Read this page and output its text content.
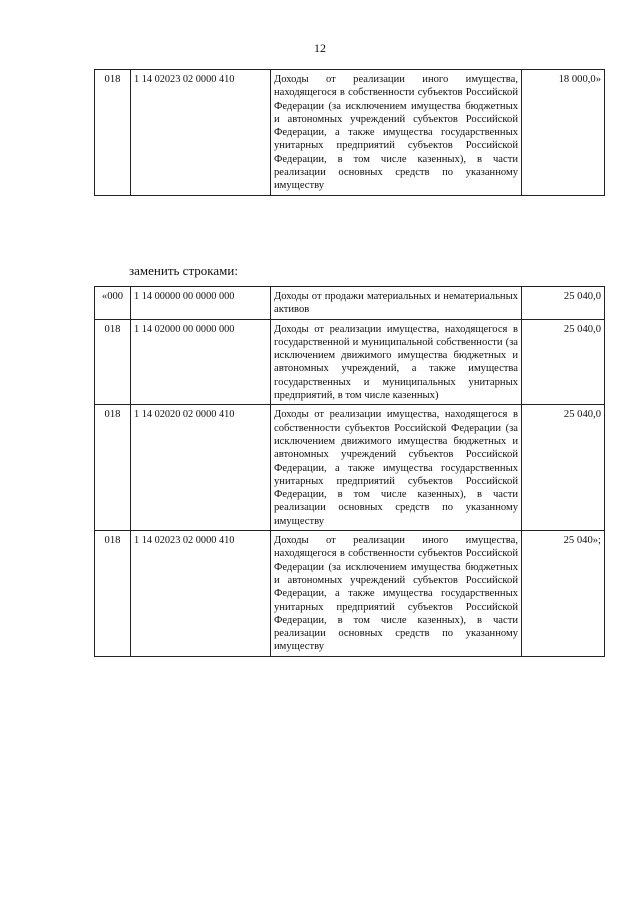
12
018	1 14 02023 02 0000 410	Доходы от реализации иного имущества, находящегося в собственности субъектов Российской Федерации (за исключением имущества бюджетных и автономных учреждений субъектов Российской Федерации, а также имущества государственных унитарных предприятий субъектов Российской Федерации, в том числе казенных), в части реализации основных средств по указанному имуществу	18 000,0»
заменить строками:
«000	1 14 00000 00 0000 000	Доходы от продажи материальных и нематериальных активов	25 040,0
018	1 14 02000 00 0000 000	Доходы от реализации имущества, находящегося в государственной и муниципальной собственности (за исключением движимого имущества бюджетных и автономных учреждений, а также имущества государственных и муниципальных унитарных предприятий, в том числе казенных)	25 040,0
018	1 14 02020 02 0000 410	Доходы от реализации имущества, находящегося в собственности субъектов Российской Федерации (за исключением движимого имущества бюджетных и автономных учреждений субъектов Российской Федерации, а также имущества государственных унитарных предприятий субъектов Российской Федерации, в том числе казенных), в части реализации основных средств по указанному имуществу	25 040,0
018	1 14 02023 02 0000 410	Доходы от реализации иного имущества, находящегося в собственности субъектов Российской Федерации (за исключением имущества бюджетных и автономных учреждений субъектов Российской Федерации, а также имущества государственных унитарных предприятий субъектов Российской Федерации, в том числе казенных), в части реализации основных средств по указанному имуществу	25 040»;
